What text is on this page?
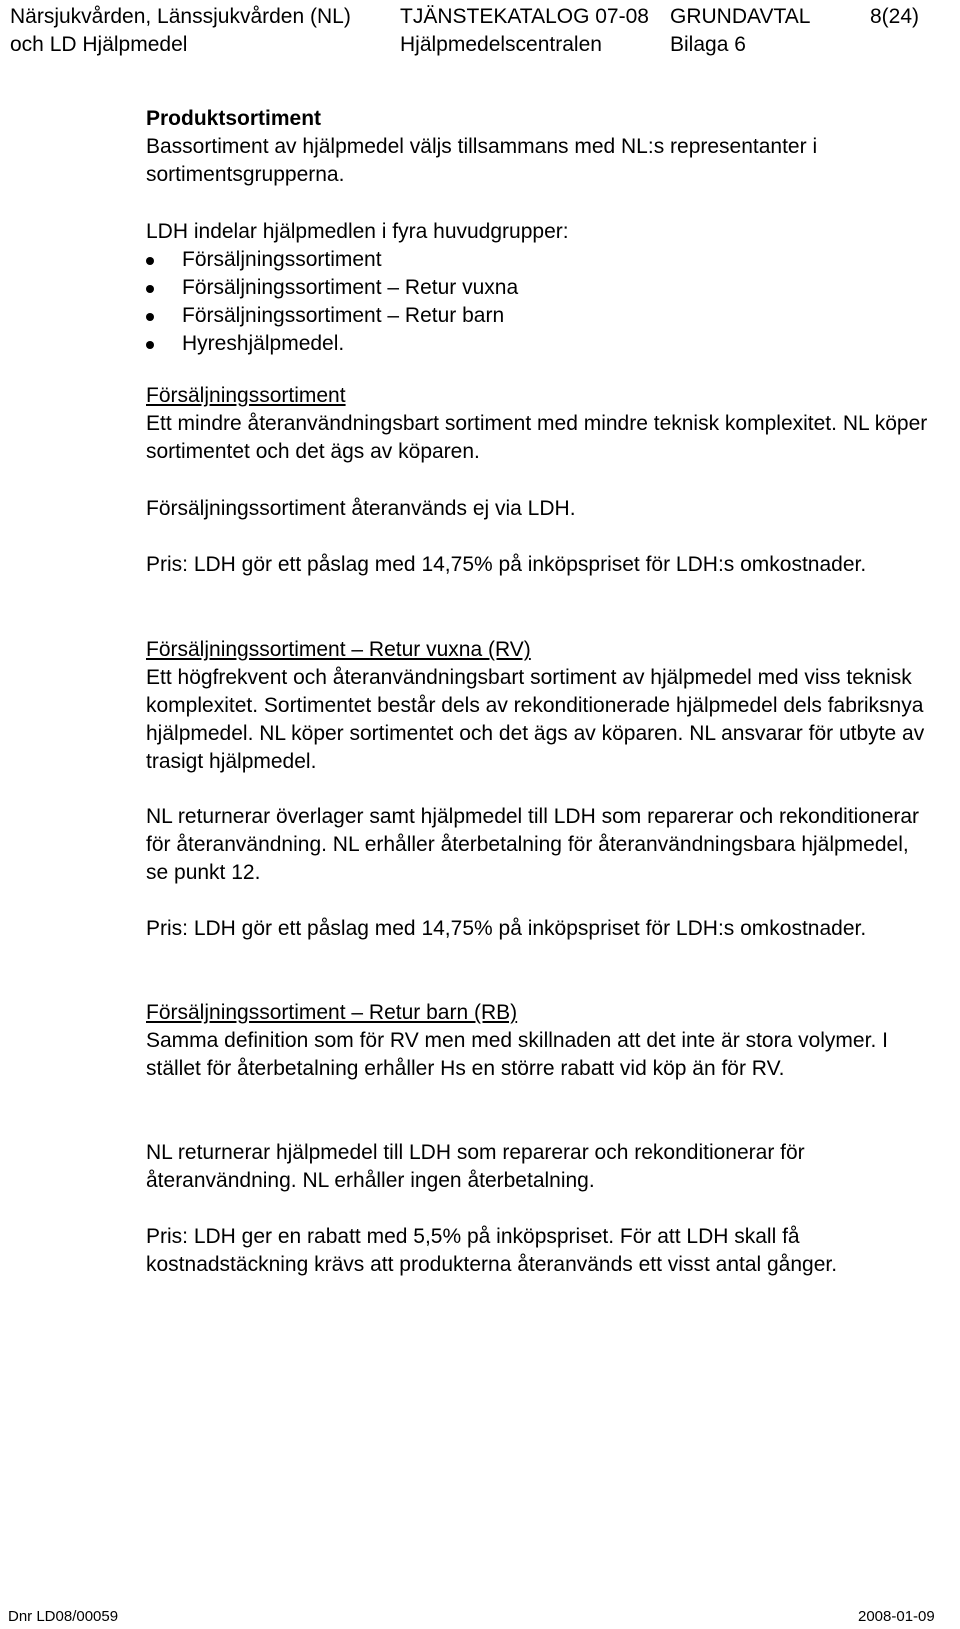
Närsjukvården, Länssjukvården (NL)
och LD Hjälpmedel
TJÄNSTEKATALOG 07-08
Hjälpmedelscentralen
GRUNDAVTAL
Bilaga 6
8(24)

Produktsortiment

Bassortiment av hjälpmedel väljs tillsammans med NL:s representanter i sortimentsgrupperna.

LDH indelar hjälpmedlen i fyra huvudgrupper:
Försäljningssortiment
Försäljningssortiment – Retur vuxna
Försäljningssortiment – Retur barn
Hyreshjälpmedel.

Försäljningssortiment

Ett mindre återanvändningsbart sortiment med mindre teknisk komplexitet. NL köper sortimentet och det ägs av köparen.

Försäljningssortiment återanvänds ej via LDH.
Pris: LDH gör ett påslag med 14,75% på inköpspriset för LDH:s omkostnader.

Försäljningssortiment – Retur vuxna (RV)

Ett högfrekvent och återanvändningsbart sortiment av hjälpmedel med viss teknisk komplexitet. Sortimentet består dels av rekonditionerade hjälpmedel dels fabriksnya hjälpmedel. NL köper sortimentet och det ägs av köparen. NL ansvarar för utbyte av trasigt hjälpmedel.

NL returnerar överlager samt hjälpmedel till LDH som reparerar och rekonditionerar för återanvändning. NL erhåller återbetalning för återanvändningsbara hjälpmedel, se punkt 12.
Pris: LDH gör ett påslag med 14,75% på inköpspriset för LDH:s omkostnader.

Försäljningssortiment – Retur barn (RB)

Samma definition som för RV men med skillnaden att det inte är stora volymer. I stället för återbetalning erhåller Hs en större rabatt vid köp än för RV.

NL returnerar hjälpmedel till LDH som reparerar och rekonditionerar för återanvändning. NL erhåller ingen återbetalning.
Pris: LDH ger en rabatt med 5,5% på inköpspriset. För att LDH skall få kostnadstäckning krävs att produkterna återanvänds ett visst antal gånger.
Dnr LD08/00059	2008-01-09
